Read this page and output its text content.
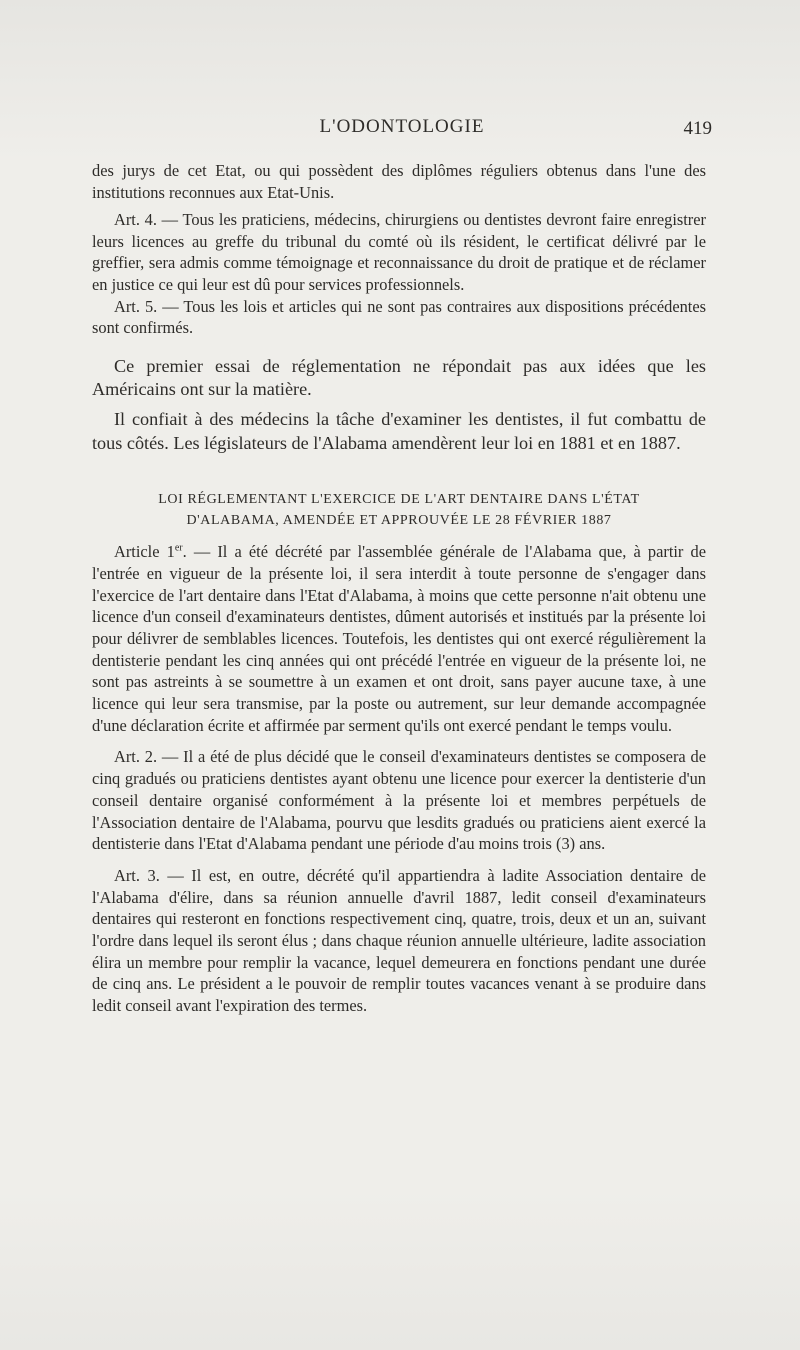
L'ODONTOLOGIE	419

des jurys de cet Etat, ou qui possèdent des diplômes réguliers obtenus dans l'une des institutions reconnues aux Etat-Unis.

Art. 4. — Tous les praticiens, médecins, chirurgiens ou dentistes devront faire enregistrer leurs licences au greffe du tribunal du comté où ils résident, le certificat délivré par le greffier, sera admis comme témoignage et reconnaissance du droit de pratique et de réclamer en justice ce qui leur est dû pour services professionnels.

Art. 5. — Tous les lois et articles qui ne sont pas contraires aux dispositions précédentes sont confirmés.

Ce premier essai de réglementation ne répondait pas aux idées que les Américains ont sur la matière.

Il confiait à des médecins la tâche d'examiner les dentistes, il fut combattu de tous côtés. Les législateurs de l'Alabama amendèrent leur loi en 1881 et en 1887.

LOI RÉGLEMENTANT L'EXERCICE DE L'ART DENTAIRE DANS L'ÉTAT
D'ALABAMA, AMENDÉE ET APPROUVÉE LE 28 FÉVRIER 1887

Article 1er. — Il a été décrété par l'assemblée générale de l'Alabama que, à partir de l'entrée en vigueur de la présente loi, il sera interdit à toute personne de s'engager dans l'exercice de l'art dentaire dans l'Etat d'Alabama, à moins que cette personne n'ait obtenu une licence d'un conseil d'examinateurs dentistes, dûment autorisés et institués par la présente loi pour délivrer de semblables licences. Toutefois, les dentistes qui ont exercé régulièrement la dentisterie pendant les cinq années qui ont précédé l'entrée en vigueur de la présente loi, ne sont pas astreints à se soumettre à un examen et ont droit, sans payer aucune taxe, à une licence qui leur sera transmise, par la poste ou autrement, sur leur demande accompagnée d'une déclaration écrite et affirmée par serment qu'ils ont exercé pendant le temps voulu.

Art. 2. — Il a été de plus décidé que le conseil d'examinateurs dentistes se composera de cinq gradués ou praticiens dentistes ayant obtenu une licence pour exercer la dentisterie d'un conseil dentaire organisé conformément à la présente loi et membres perpétuels de l'Association dentaire de l'Alabama, pourvu que lesdits gradués ou praticiens aient exercé la dentisterie dans l'Etat d'Alabama pendant une période d'au moins trois (3) ans.

Art. 3. — Il est, en outre, décrété qu'il appartiendra à ladite Association dentaire de l'Alabama d'élire, dans sa réunion annuelle d'avril 1887, ledit conseil d'examinateurs dentaires qui resteront en fonctions respectivement cinq, quatre, trois, deux et un an, suivant l'ordre dans lequel ils seront élus ; dans chaque réunion annuelle ultérieure, ladite association élira un membre pour remplir la vacance, lequel demeurera en fonctions pendant une durée de cinq ans. Le président a le pouvoir de remplir toutes vacances venant à se produire dans ledit conseil avant l'expiration des termes.
